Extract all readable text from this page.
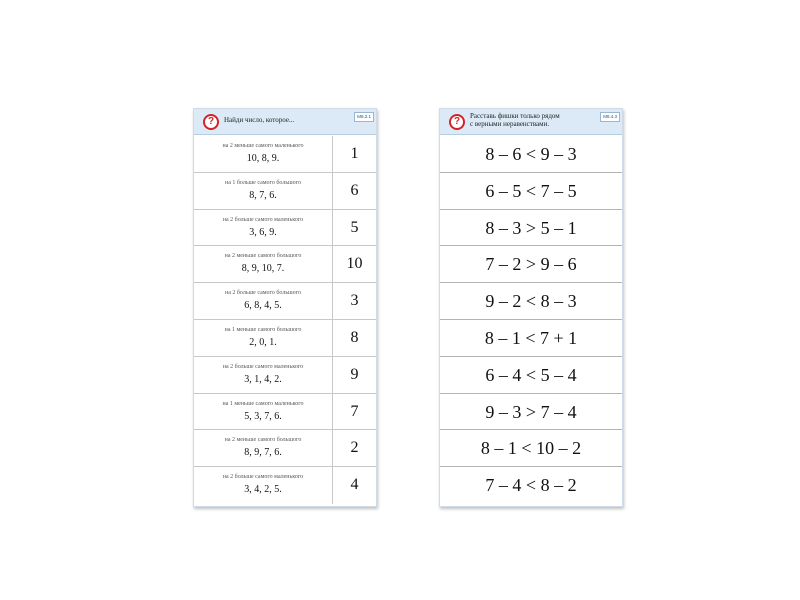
?	Найди число, которое...	М8.2.1
на 2 меньше самого маленького
10, 8, 9.	1
на 1 больше самого большого
8, 7, 6.	6
на 2 больше самого маленького
3, 6, 9.	5
на 2 меньше самого большого
8, 9, 10, 7.	10
на 2 больше самого большого
6, 8, 4, 5.	3
на 1 меньше самого большого
2, 0, 1.	8
на 2 больше самого маленького
3, 1, 4, 2.	9
на 1 меньше самого маленького
5, 3, 7, 6.	7
на 2 меньше самого большого
8, 9, 7, 6.	2
на 2 больше самого маленького
3, 4, 2, 5.	4
?	Расставь фишки только рядом
с верными неравенствами.
М8.4.3
8 – 6 < 9 – 3
6 – 5 < 7 – 5
8 – 3 > 5 – 1
7 – 2 > 9 – 6
9 – 2 < 8 – 3
8 – 1 < 7 + 1
6 – 4 < 5 – 4
9 – 3 > 7 – 4
8 – 1 < 10 – 2
7 – 4 < 8 – 2
